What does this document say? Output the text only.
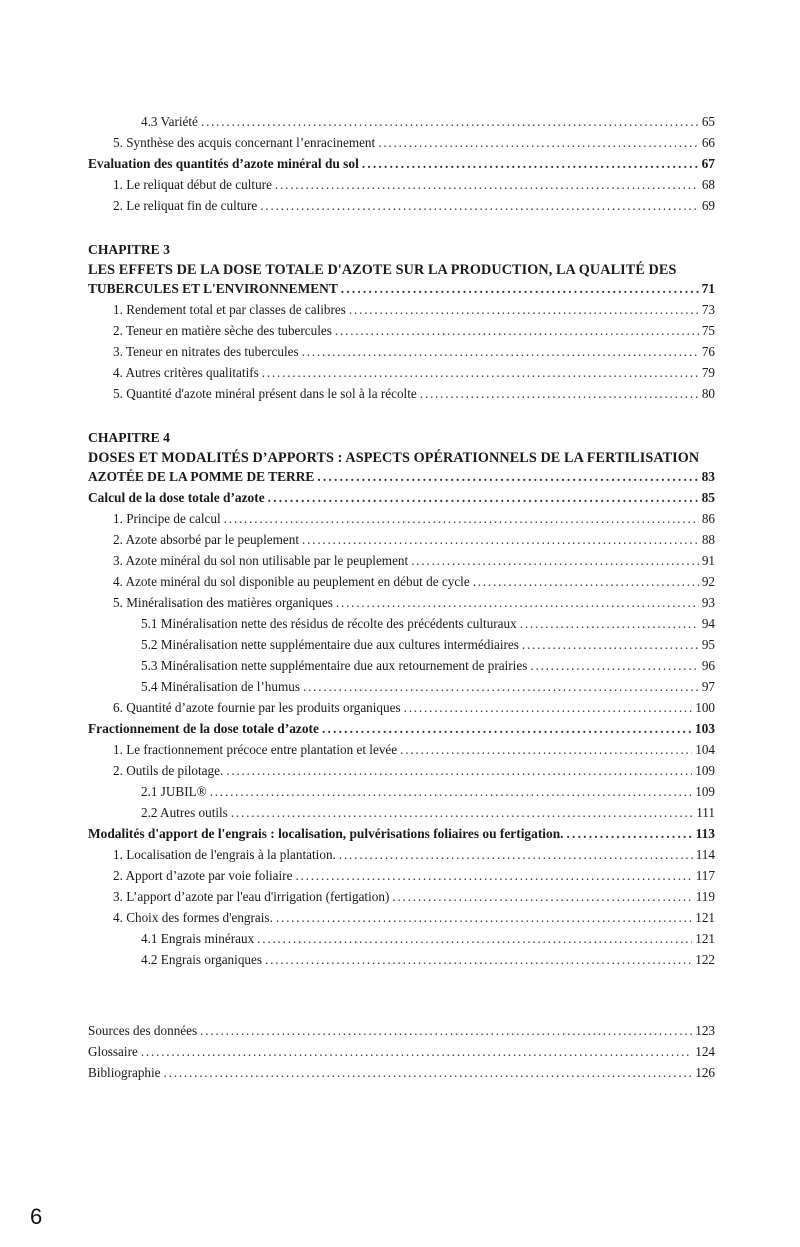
4.3 Variété .....	65
5. Synthèse des acquis concernant l’enracinement .....	66
Evaluation des quantités d’azote minéral du sol .....	67
1. Le reliquat début de culture .....	68
2. Le reliquat fin de culture .....	69
CHAPITRE 3
LES EFFETS DE LA DOSE TOTALE D'AZOTE SUR LA PRODUCTION, LA QUALITÉ DES
TUBERCULES ET L'ENVIRONNEMENT .....	71
1. Rendement total et par classes de calibres .....	73
2. Teneur en matière sèche des tubercules .....	75
3. Teneur en nitrates des tubercules .....	76
4. Autres critères qualitatifs .....	79
5. Quantité d'azote minéral présent dans le sol à la récolte .....	80
CHAPITRE 4
DOSES ET MODALITÉS D’APPORTS : ASPECTS OPÉRATIONNELS DE LA FERTILISATION
AZOTÉE DE LA POMME DE TERRE .....	83
Calcul de la dose totale d’azote .....	85
1. Principe de calcul .....	86
2. Azote absorbé par le peuplement .....	88
3. Azote minéral du sol non utilisable par le peuplement .....	91
4. Azote minéral du sol disponible au peuplement en début de cycle .....	92
5. Minéralisation des matières organiques .....	93
5.1 Minéralisation nette des résidus de récolte des précédents culturaux .....	94
5.2 Minéralisation nette supplémentaire due aux cultures intermédiaires .....	95
5.3 Minéralisation nette supplémentaire due aux retournement de prairies .....	96
5.4 Minéralisation de l’humus .....	97
6. Quantité d’azote fournie par les produits organiques .....	100
Fractionnement de la dose totale d’azote .....	103
1. Le fractionnement précoce entre plantation et levée .....	104
2. Outils de pilotage. .....	109
2.1 JUBIL® .....	109
2.2 Autres outils .....	111
Modalités d'apport de l'engrais : localisation, pulvérisations foliaires ou fertigation. .....	113
1. Localisation de l'engrais à la plantation. .....	114
2. Apport d’azote par voie foliaire .....	117
3. L’apport d’azote par l'eau d'irrigation (fertigation) .....	119
4. Choix des formes d'engrais. .....	121
4.1 Engrais minéraux .....	121
4.2 Engrais organiques .....	122
Sources des données .....	123
Glossaire .....	124
Bibliographie .....	126
6
